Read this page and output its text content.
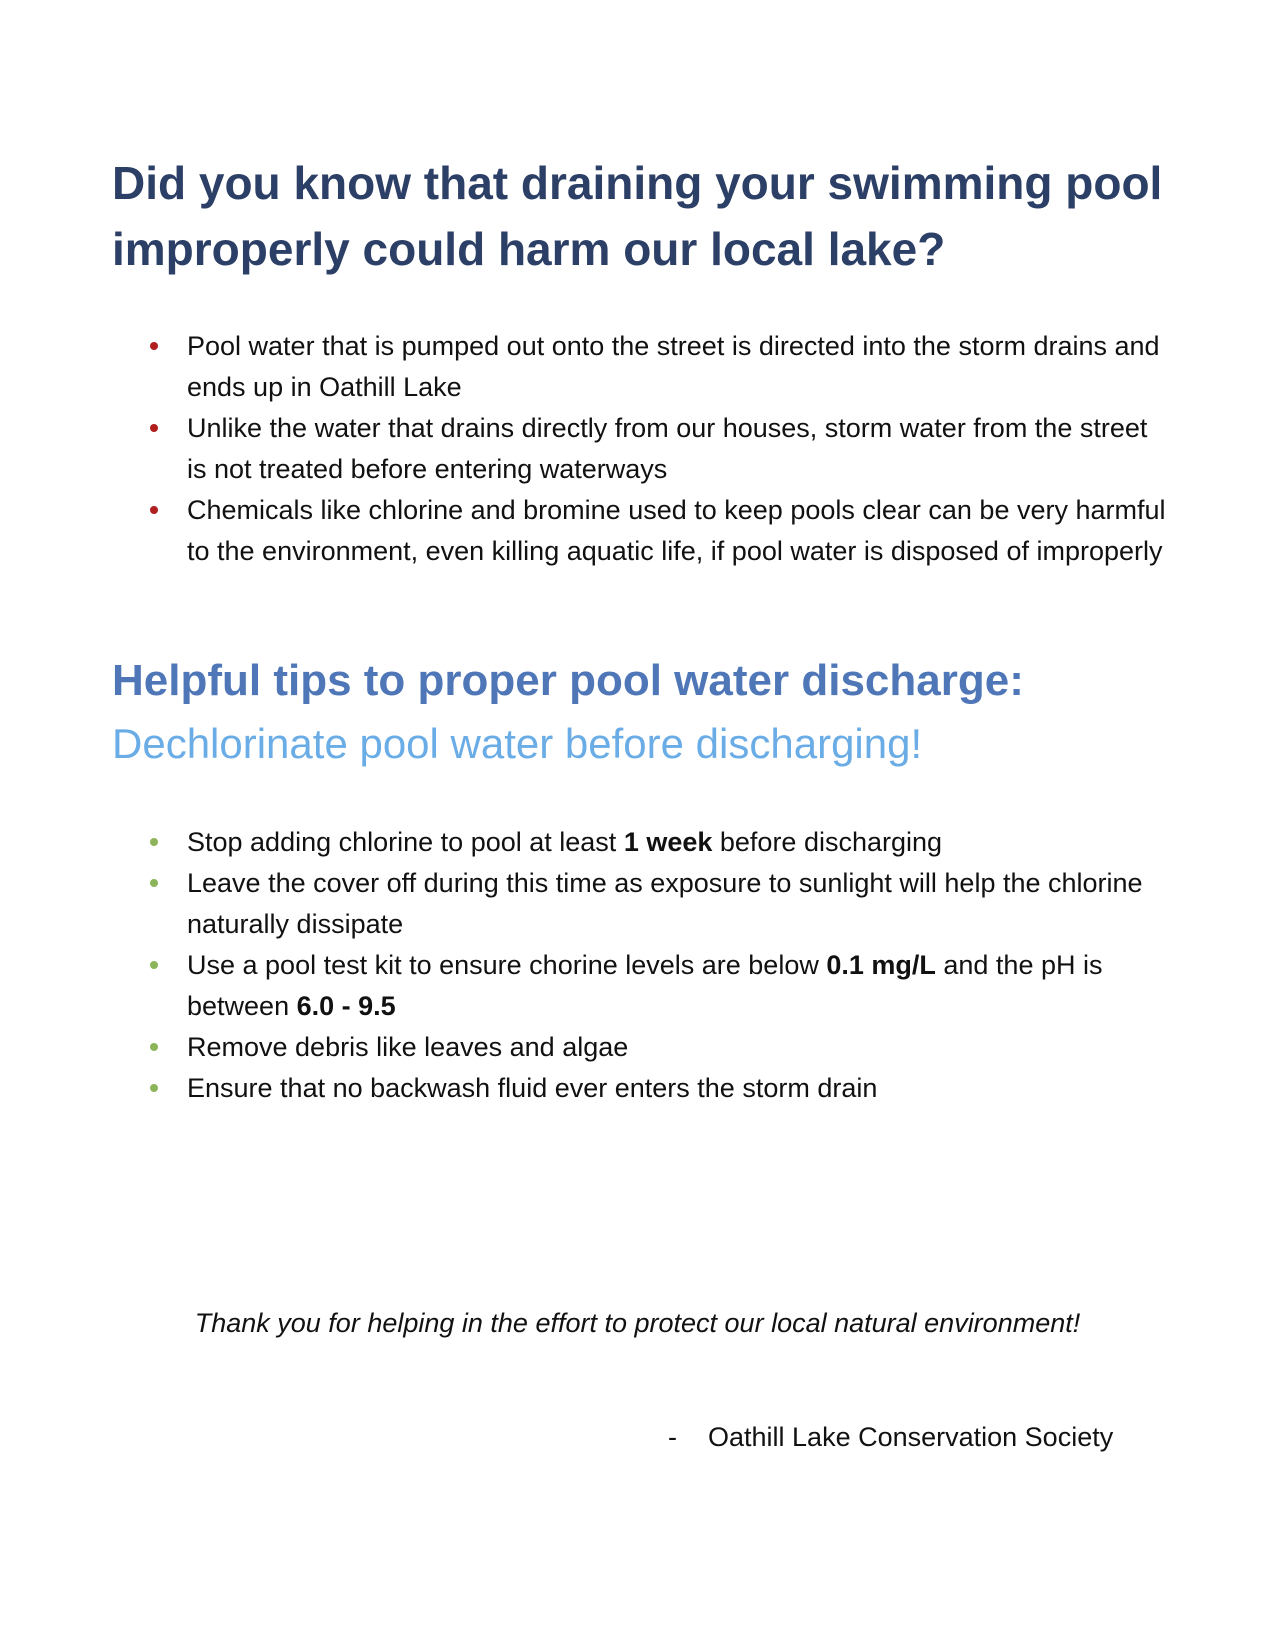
Did you know that draining your swimming pool improperly could harm our local lake?
Pool water that is pumped out onto the street is directed into the storm drains and ends up in Oathill Lake
Unlike the water that drains directly from our houses, storm water from the street is not treated before entering waterways
Chemicals like chlorine and bromine used to keep pools clear can be very harmful to the environment, even killing aquatic life, if pool water is disposed of improperly
Helpful tips to proper pool water discharge:
Dechlorinate pool water before discharging!
Stop adding chlorine to pool at least 1 week before discharging
Leave the cover off during this time as exposure to sunlight will help the chlorine naturally dissipate
Use a pool test kit to ensure chorine levels are below 0.1 mg/L and the pH is between 6.0 - 9.5
Remove debris like leaves and algae
Ensure that no backwash fluid ever enters the storm drain
Thank you for helping in the effort to protect our local natural environment!
- Oathill Lake Conservation Society
